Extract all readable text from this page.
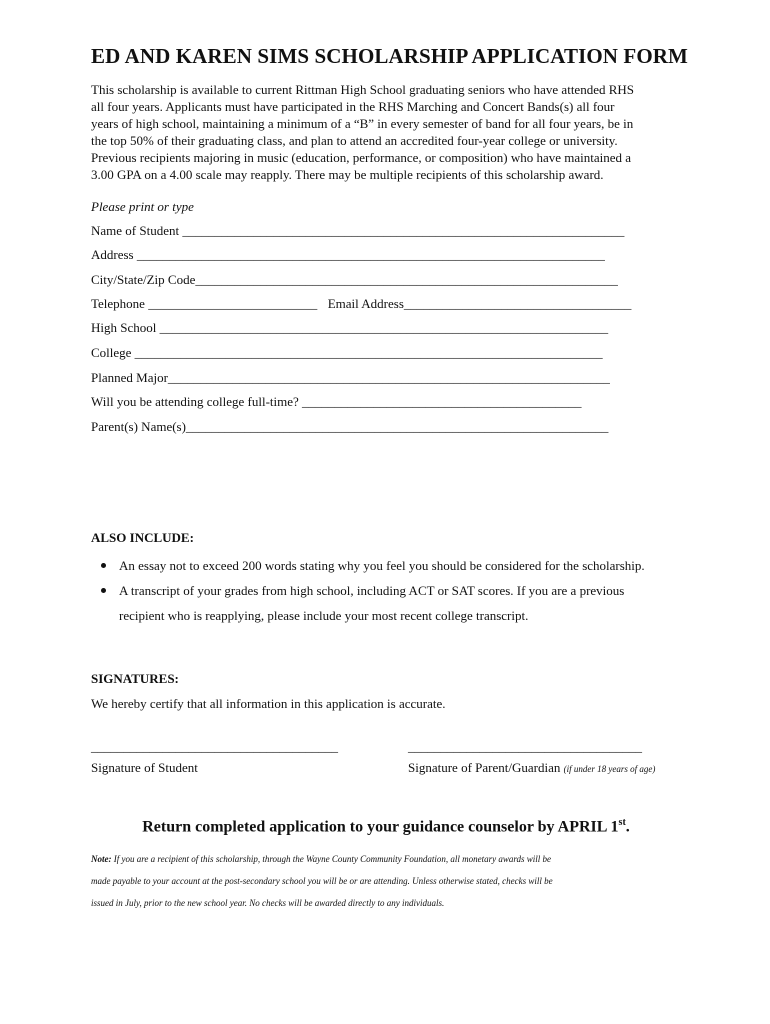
ED AND KAREN SIMS SCHOLARSHIP APPLICATION FORM
This scholarship is available to current Rittman High School graduating seniors who have attended RHS
all four years. Applicants must have participated in the RHS Marching and Concert Bands(s) all four
years of high school, maintaining a minimum of a “B” in every semester of band for all four years, be in
the top 50% of their graduating class, and plan to attend an accredited four-year college or university.
Previous recipients majoring in music (education, performance, or composition) who have maintained a
3.00 GPA on a 4.00 scale may reapply. There may be multiple recipients of this scholarship award.
Please print or type
Name of Student ____________________________________________________________________
Address ________________________________________________________________________
City/State/Zip Code_________________________________________________________________
Telephone __________________________ Email Address___________________________________
High School _____________________________________________________________________
College ________________________________________________________________________
Planned Major____________________________________________________________________
Will you be attending college full-time? ___________________________________________
Parent(s) Name(s)_________________________________________________________________
ALSO INCLUDE:
An essay not to exceed 200 words stating why you feel you should be considered for the scholarship.
A transcript of your grades from high school, including ACT or SAT scores. If you are a previous
recipient who is reapplying, please include your most recent college transcript.
SIGNATURES:
We hereby certify that all information in this application is accurate.
______________________________________	____________________________________
Signature of Student	Signature of Parent/Guardian (if under 18 years of age)
Return completed application to your guidance counselor by APRIL 1st.
Note: If you are a recipient of this scholarship, through the Wayne County Community Foundation, all monetary awards will be
made payable to your account at the post-secondary school you will be or are attending. Unless otherwise stated, checks will be
issued in July, prior to the new school year. No checks will be awarded directly to any individuals.
